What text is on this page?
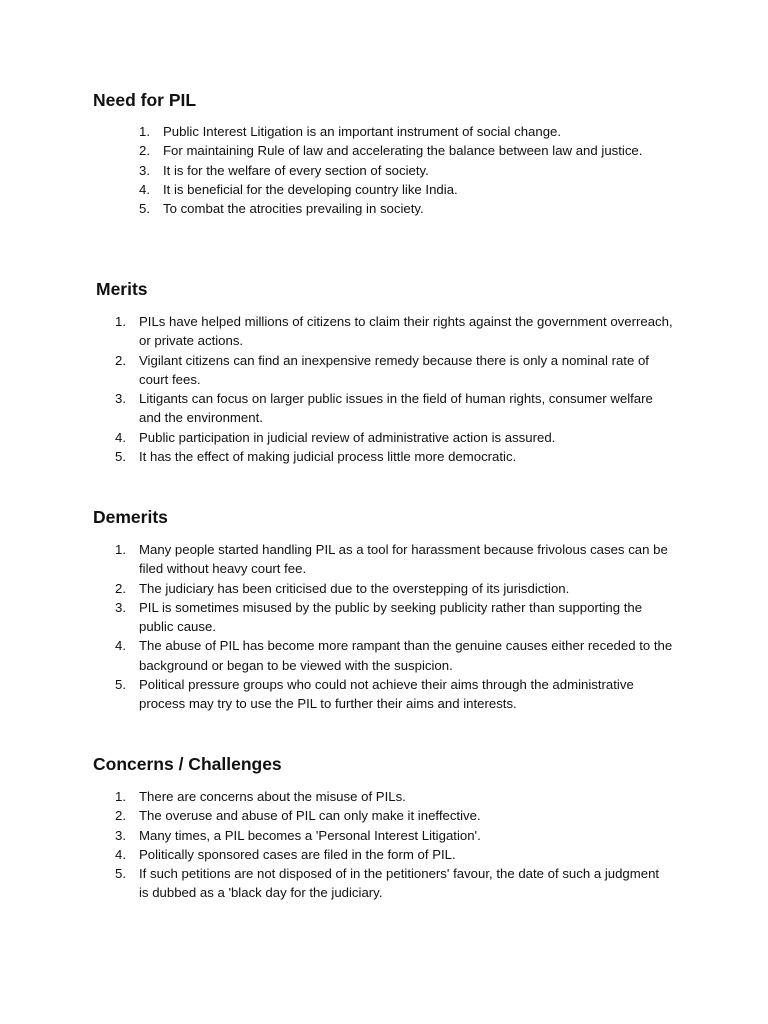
Need for PIL
1. Public Interest Litigation is an important instrument of social change.
2. For maintaining Rule of law and accelerating the balance between law and justice.
3. It is for the welfare of every section of society.
4. It is beneficial for the developing country like India.
5. To combat the atrocities prevailing in society.
Merits
1. PILs have helped millions of citizens to claim their rights against the government overreach, or private actions.
2. Vigilant citizens can find an inexpensive remedy because there is only a nominal rate of court fees.
3. Litigants can focus on larger public issues in the field of human rights, consumer welfare and the environment.
4. Public participation in judicial review of administrative action is assured.
5. It has the effect of making judicial process little more democratic.
Demerits
1. Many people started handling PIL as a tool for harassment because frivolous cases can be filed without heavy court fee.
2. The judiciary has been criticised due to the overstepping of its jurisdiction.
3. PIL is sometimes misused by the public by seeking publicity rather than supporting the public cause.
4. The abuse of PIL has become more rampant than the genuine causes either receded to the background or began to be viewed with the suspicion.
5. Political pressure groups who could not achieve their aims through the administrative process may try to use the PIL to further their aims and interests.
Concerns / Challenges
1. There are concerns about the misuse of PILs.
2. The overuse and abuse of PIL can only make it ineffective.
3. Many times, a PIL becomes a 'Personal Interest Litigation'.
4. Politically sponsored cases are filed in the form of PIL.
5. If such petitions are not disposed of in the petitioners' favour, the date of such a judgment is dubbed as a 'black day for the judiciary.
